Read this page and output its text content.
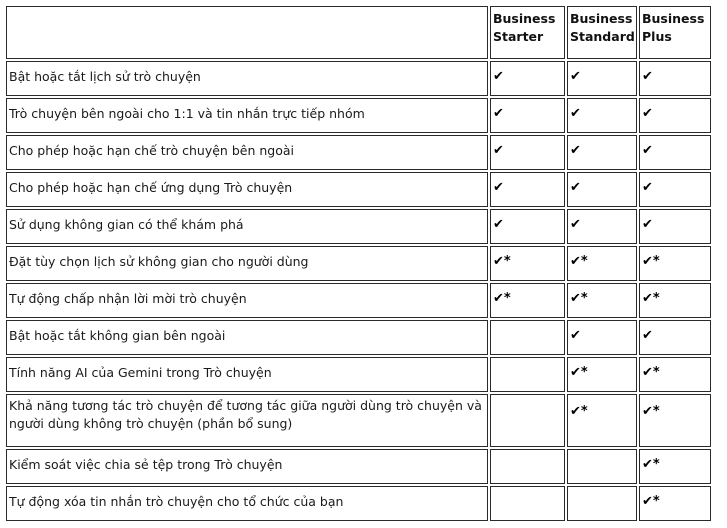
	Business Starter	Business Standard	Business Plus

Bật hoặc tắt lịch sử trò chuyện	✔	✔	✔

Trò chuyện bên ngoài cho 1:1 và tin nhắn trực tiếp nhóm	✔	✔	✔

Cho phép hoặc hạn chế trò chuyện bên ngoài	✔	✔	✔

Cho phép hoặc hạn chế ứng dụng Trò chuyện	✔	✔	✔

Sử dụng không gian có thể khám phá	✔	✔	✔

Đặt tùy chọn lịch sử không gian cho người dùng	✔*	✔*	✔*

Tự động chấp nhận lời mời trò chuyện	✔*	✔*	✔*

Bật hoặc tắt không gian bên ngoài		✔	✔

Tính năng AI của Gemini trong Trò chuyện		✔*	✔*

Khả năng tương tác trò chuyện để tương tác giữa người dùng trò chuyện và người dùng không trò chuyện (phần bổ sung)		✔*	✔*

Kiểm soát việc chia sẻ tệp trong Trò chuyện			✔*

Tự động xóa tin nhắn trò chuyện cho tổ chức của bạn			✔*
